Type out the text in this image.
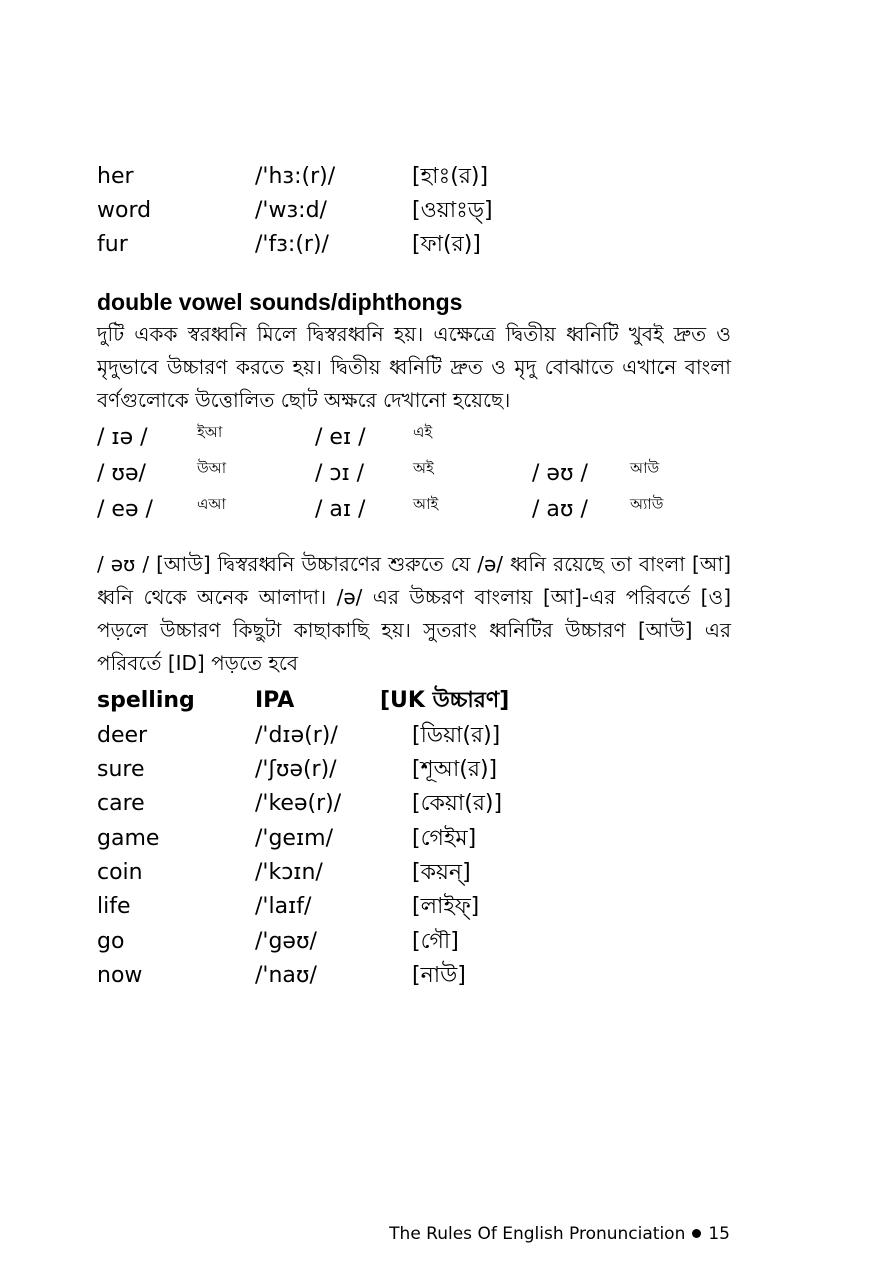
her	/'hɜ:(r)/	[হাঃ(র)]
word	/'wɜ:d/	[ওয়াঃড্]
fur	/'fɜ:(r)/	[ফা(র)]
double vowel sounds/diphthongs
দুটি একক স্বরধ্বনি মিলে দ্বিস্বরধ্বনি হয়। এক্ষেত্রে দ্বিতীয় ধ্বনিটি খুবই দ্রুত ও মৃদুভাবে উচ্চারণ করতে হয়। দ্বিতীয় ধ্বনিটি দ্রুত ও মৃদু বোঝাতে এখানে বাংলা বর্ণগুলোকে উত্তোলিত ছোট অক্ষরে দেখানো হয়েছে।
/ ɪə /	ইআ	/ eɪ /	এই
/ ʊə/	উআ	/ ɔɪ /	অই	/ əʊ /	আউ
/ eə /	এআ	/ aɪ /	আই	/ aʊ /	অ্যাউ
/ əʊ / [আউ] দ্বিস্বরধ্বনি উচ্চারণের শুরুতে যে /ə/ ধ্বনি রয়েছে তা বাংলা [আ] ধ্বনি থেকে অনেক আলাদা। /ə/ এর উচ্চরণ বাংলায় [আ]-এর পরিবর্তে [ও] পড়লে উচ্চারণ কিছুটা কাছাকাছি হয়। সুতরাং ধ্বনিটির উচ্চারণ [আউ] এর পরিবর্তে [ID] পড়তে হবে
spelling	IPA	[UK উচ্চারণ]
deer	/'dɪə(r)/	[ডিয়া(র)]
sure	/'ʃʊə(r)/	[শূআ(র)]
care	/'keə(r)/	[কেয়া(র)]
game	/'geɪm/	[গেইম]
coin	/'kɔɪn/	[কয়ন্]
life	/'laɪf/	[লাইফ্]
go	/'gəʊ/	[গৌ]
now	/'naʊ/	[নাউ]
The Rules Of English Pronunciation 15
